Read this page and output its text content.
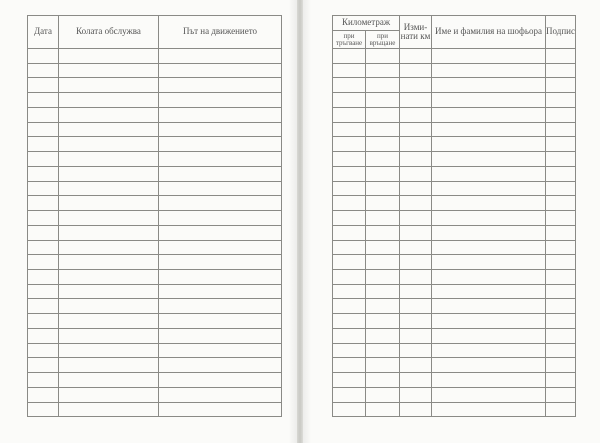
Дата	Колата обслужва	Път на движението

Километраж		Изми- нати км	Име и фамилия на шофьора	Подпис
при тръгване	при връщане			
